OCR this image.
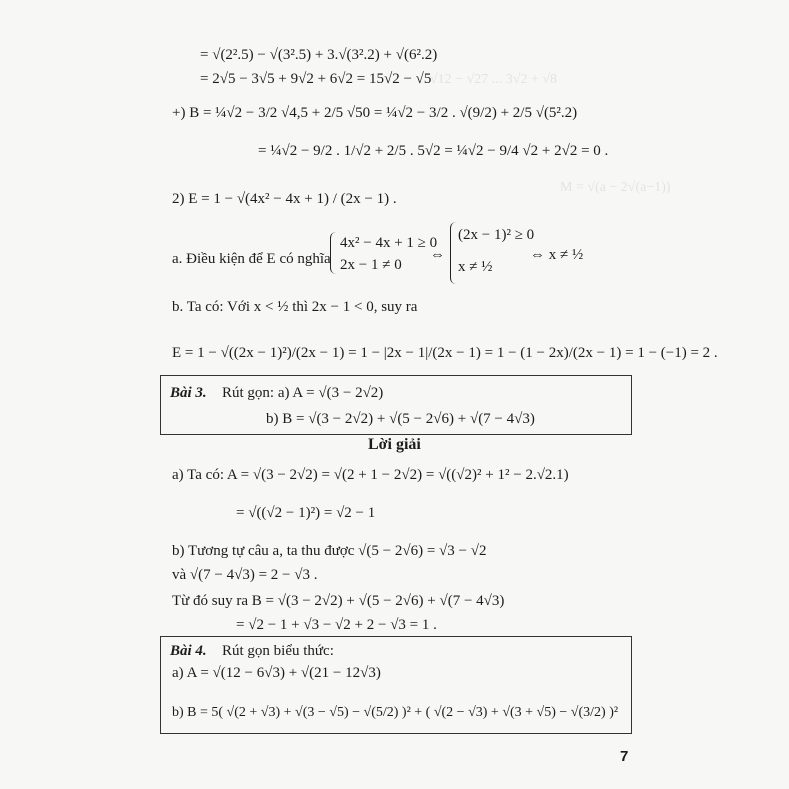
√12 − √27 ... 3√2 + √8
M = √(a − 2√(a−1))
= √(2².5) − √(3².5) + 3.√(3².2) + √(6².2)
= 2√5 − 3√5 + 9√2 + 6√2 = 15√2 − √5
+) B = ¼√2 − 3/2 √4,5 + 2/5 √50 = ¼√2 − 3/2 . √(9/2) + 2/5 √(5².2)
= ¼√2 − 9/2 . 1/√2 + 2/5 . 5√2 = ¼√2 − 9/4 √2 + 2√2 = 0 .
2) E = 1 − √(4x² − 4x + 1) / (2x − 1) .
a. Điều kiện để E có nghĩa
4x² − 4x + 1 ≥ 0
2x − 1 ≠ 0
⇔
(2x − 1)² ≥ 0
x ≠ ½
⇔ x ≠ ½
b. Ta có: Với x < ½ thì 2x − 1 < 0, suy ra
E = 1 − √((2x − 1)²)/(2x − 1) = 1 − |2x − 1|/(2x − 1) = 1 − (1 − 2x)/(2x − 1) = 1 − (−1) = 2 .
Bài 3. Rút gọn: a) A = √(3 − 2√2)
b) B = √(3 − 2√2) + √(5 − 2√6) + √(7 − 4√3)
Lời giải
a) Ta có: A = √(3 − 2√2) = √(2 + 1 − 2√2) = √((√2)² + 1² − 2.√2.1)
= √((√2 − 1)²) = √2 − 1
b) Tương tự câu a, ta thu được √(5 − 2√6) = √3 − √2
và √(7 − 4√3) = 2 − √3 .
Từ đó suy ra B = √(3 − 2√2) + √(5 − 2√6) + √(7 − 4√3)
= √2 − 1 + √3 − √2 + 2 − √3 = 1 .
Bài 4. Rút gọn biểu thức:
a) A = √(12 − 6√3) + √(21 − 12√3)
b) B = 5( √(2 + √3) + √(3 − √5) − √(5/2) )² + ( √(2 − √3) + √(3 + √5) − √(3/2) )²
7
